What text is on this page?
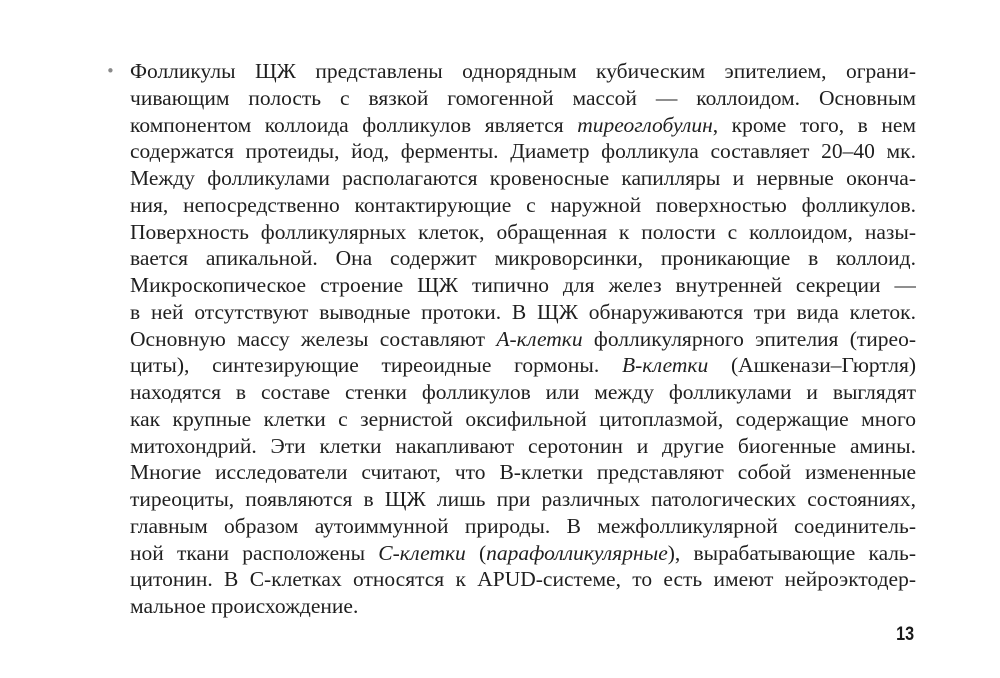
• Фолликулы ЩЖ представлены однорядным кубическим эпителием, ограни-
чивающим полость с вязкой гомогенной массой — коллоидом. Основным
компонентом коллоида фолликулов является тиреоглобулин, кроме того, в нем
содержатся протеиды, йод, ферменты. Диаметр фолликула составляет 20–40 мк.
Между фолликулами располагаются кровеносные капилляры и нервные оконча-
ния, непосредственно контактирующие с наружной поверхностью фолликулов.
Поверхность фолликулярных клеток, обращенная к полости с коллоидом, назы-
вается апикальной. Она содержит микроворсинки, проникающие в коллоид.
Микроскопическое строение ЩЖ типично для желез внутренней секреции —
в ней отсутствуют выводные протоки. В ЩЖ обнаруживаются три вида клеток.
Основную массу железы составляют А-клетки фолликулярного эпителия (тирео-
циты), синтезирующие тиреоидные гормоны. В-клетки (Ашкенази–Гюртля)
находятся в составе стенки фолликулов или между фолликулами и выглядят
как крупные клетки с зернистой оксифильной цитоплазмой, содержащие много
митохондрий. Эти клетки накапливают серотонин и другие биогенные амины.
Многие исследователи считают, что В-клетки представляют собой измененные
тиреоциты, появляются в ЩЖ лишь при различных патологических состояниях,
главным образом аутоиммунной природы. В межфолликулярной соединитель-
ной ткани расположены С-клетки (парафолликулярные), вырабатывающие каль-
цитонин. В С-клетках относятся к APUD-системе, то есть имеют нейроэктодер-
мальное происхождение.
13
